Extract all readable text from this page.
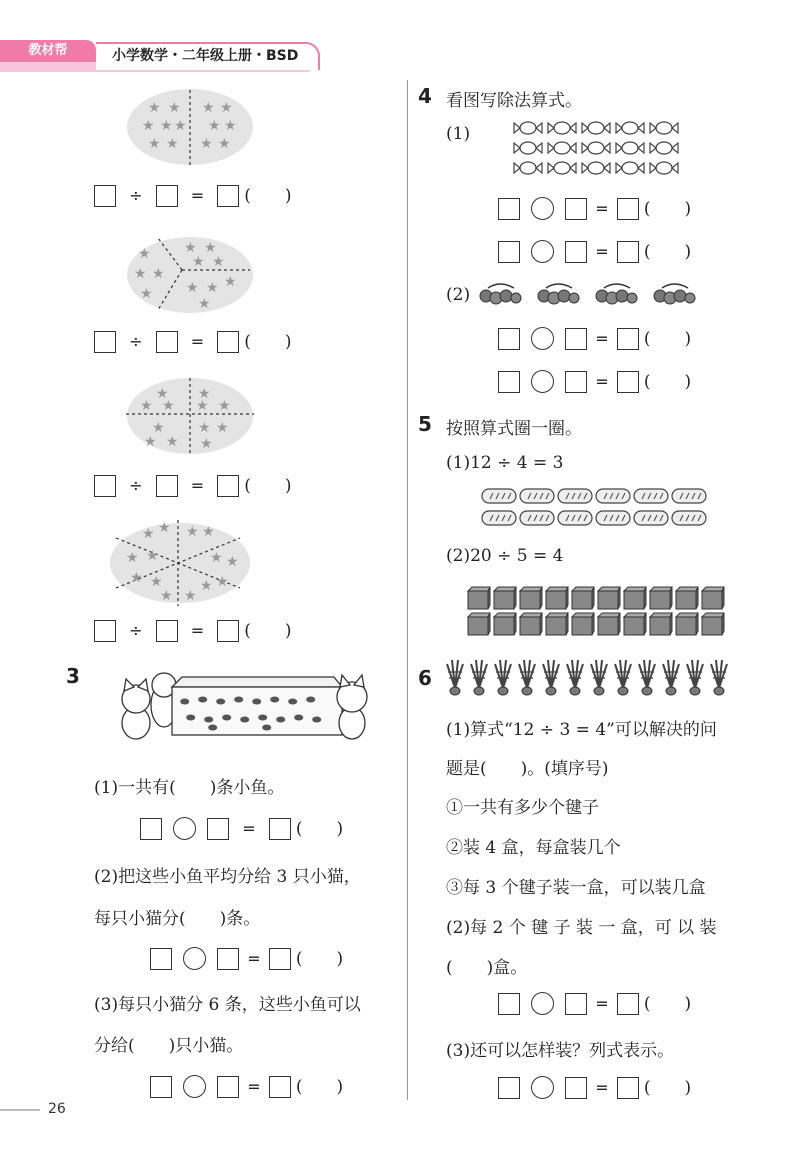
教材帮	小学数学・二年级上册・BSD
★ ★
★ ★ ★
★ ★
★ ★
★ ★
★ ★
÷	= (　　)
★
★ ★
★
★ ★
★ ★
★ ★ ★
★
÷	= (　　)
★
★ ★
★
★ ★
★
★
★
★ ★
★
÷	= (　　)
★ ★ ★ ★
★ ★	★ ★
★ ★
★ ★
★ ★
÷	= (　　)
3
⬬ ⬬ ⬬ ⬬ ⬬ ⬬ ⬬ ⬬
⬬ ⬬ ⬬ ⬬ ⬬ ⬬ ⬬ ⬬
⬬	⬬
(1)一共有(　　)条小鱼。
= (　　)
(2)把这些小鱼平均分给 3 只小猫，
每只小猫分(　　)条。
= (　　)
(3)每只小猫分 6 条，这些小鱼可以
分给(　　)只小猫。
= (　　)
4 看图写除法算式。
(1)
= (　　)
= (　　)
(2)
= (　　)
= (　　)
5 按照算式圈一圈。
(1)12 ÷ 4 = 3
(2)20 ÷ 5 = 4
6
(1)算式“12 ÷ 3 = 4”可以解决的问
题是(　　)。(填序号)
①一共有多少个毽子
②装 4 盒，每盒装几个
③每 3 个毽子装一盒，可以装几盒
(2)每 2 个 毽 子 装 一 盒，可 以 装
(　　)盒。
= (　　)
(3)还可以怎样装？列式表示。
= (　　)
26
